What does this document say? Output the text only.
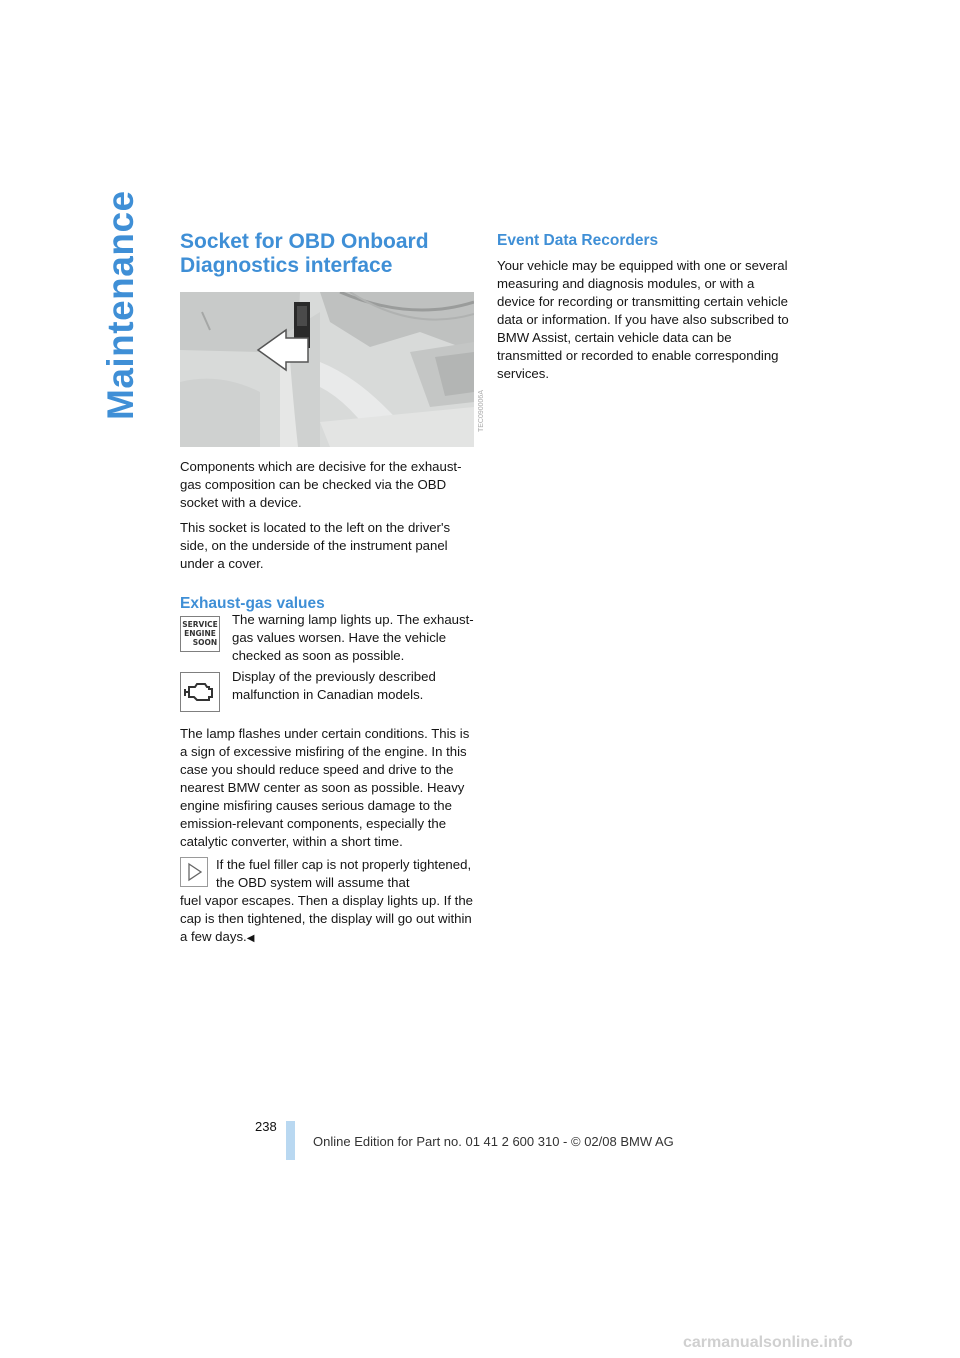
Maintenance Socket for OBD Onboard
Diagnostics interface
TEC090006A

Components which are decisive for the exhaust-gas composition can be checked via the OBD socket with a device.

This socket is located to the left on the driver's side, on the underside of the instrument panel under a cover.

Exhaust-gas values
SERVICE
ENGINE
SOON

The warning lamp lights up. The exhaust-gas values worsen. Have the vehicle checked as soon as possible.

Display of the previously described malfunction in Canadian models.

The lamp flashes under certain conditions. This is a sign of excessive misfiring of the engine. In this case you should reduce speed and drive to the nearest BMW center as soon as possible. Heavy engine misfiring causes serious damage to the emission-relevant components, especially the catalytic converter, within a short time.

If the fuel filler cap is not properly tightened, the OBD system will assume that

fuel vapor escapes. Then a display lights up. If the cap is then tightened, the display will go out within a few days.◀

Event Data Recorders

Your vehicle may be equipped with one or several measuring and diagnosis modules, or with a device for recording or transmitting certain vehicle data or information. If you have also subscribed to BMW Assist, certain vehicle data can be transmitted or recorded to enable corresponding services.

238
Online Edition for Part no. 01 41 2 600 310 - © 02/08 BMW AG
carmanualsonline.info
